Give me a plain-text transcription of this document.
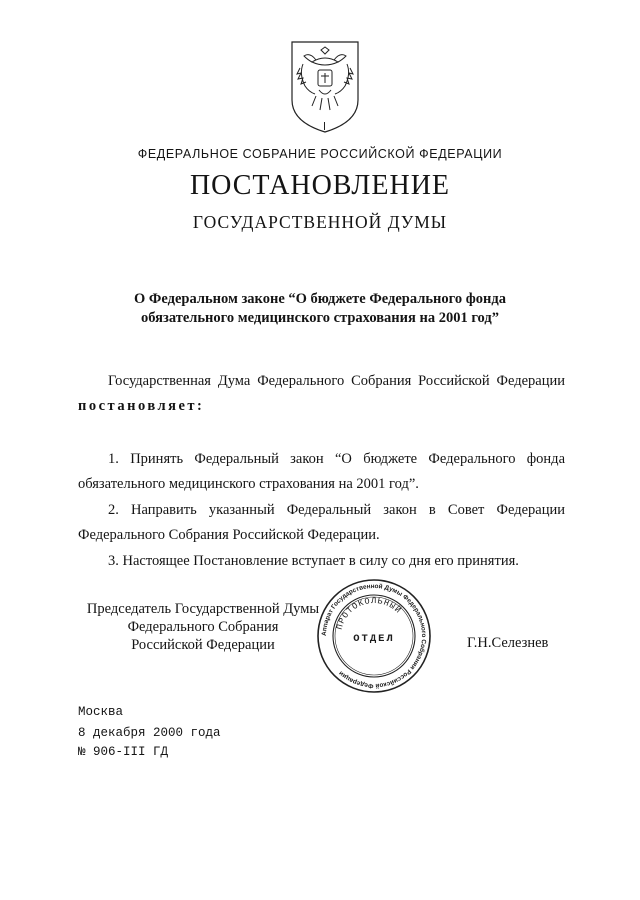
ФЕДЕРАЛЬНОЕ СОБРАНИЕ РОССИЙСКОЙ ФЕДЕРАЦИИ
ПОСТАНОВЛЕНИЕ
ГОСУДАРСТВЕННОЙ ДУМЫ
О Федеральном законе “О бюджете Федерального фонда
обязательного медицинского страхования на 2001 год”
Государственная Дума Федерального Собрания Российской Федерации постановляет:
1. Принять Федеральный закон “О бюджете Федерального фонда обязательного медицинского страхования на 2001 год”.
2. Направить указанный Федеральный закон в Совет Федерации Федерального Собрания Российской Федерации.
3. Настоящее Постановление вступает в силу со дня его принятия.
Председатель Государственной Думы
Федерального Собрания
Российской Федерации	Г.Н.Селезнев
Аппарат Государственной Думы Федерального Собрания Российской Федерации
ПРОТОКОЛЬНЫЙ
ОТДЕЛ
Москва
8 декабря 2000 года
№ 906-III ГД
